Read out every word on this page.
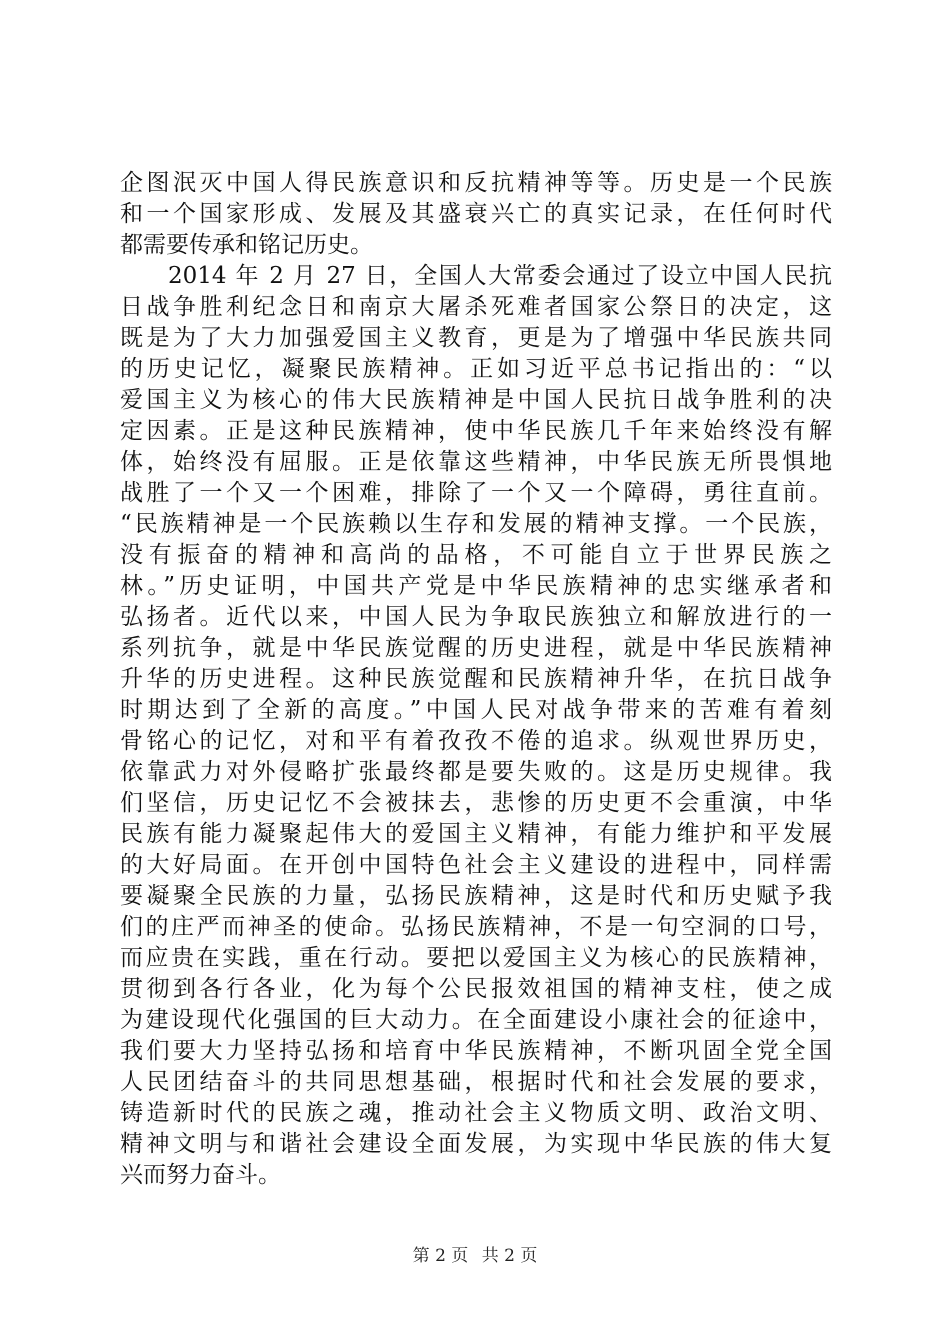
企图泯灭中国人得民族意识和反抗精神等等。历史是一个民族
和一个国家形成、发展及其盛衰兴亡的真实记录，在任何时代
都需要传承和铭记历史。
2014 年 2 月 27 日，全国人大常委会通过了设立中国人民抗
日战争胜利纪念日和南京大屠杀死难者国家公祭日的决定，这
既是为了大力加强爱国主义教育，更是为了增强中华民族共同
的历史记忆，凝聚民族精神。正如习近平总书记指出的：“以
爱国主义为核心的伟大民族精神是中国人民抗日战争胜利的决
定因素。正是这种民族精神，使中华民族几千年来始终没有解
体，始终没有屈服。正是依靠这些精神，中华民族无所畏惧地
战胜了一个又一个困难，排除了一个又一个障碍，勇往直前。
“民族精神是一个民族赖以生存和发展的精神支撑。一个民族，
没有振奋的精神和高尚的品格，不可能自立于世界民族之
林。”历史证明，中国共产党是中华民族精神的忠实继承者和
弘扬者。近代以来，中国人民为争取民族独立和解放进行的一
系列抗争，就是中华民族觉醒的历史进程，就是中华民族精神
升华的历史进程。这种民族觉醒和民族精神升华，在抗日战争
时期达到了全新的高度。”中国人民对战争带来的苦难有着刻
骨铭心的记忆，对和平有着孜孜不倦的追求。纵观世界历史，
依靠武力对外侵略扩张最终都是要失败的。这是历史规律。我
们坚信，历史记忆不会被抹去，悲惨的历史更不会重演，中华
民族有能力凝聚起伟大的爱国主义精神，有能力维护和平发展
的大好局面。在开创中国特色社会主义建设的进程中，同样需
要凝聚全民族的力量，弘扬民族精神，这是时代和历史赋予我
们的庄严而神圣的使命。弘扬民族精神，不是一句空洞的口号，
而应贵在实践，重在行动。要把以爱国主义为核心的民族精神，
贯彻到各行各业，化为每个公民报效祖国的精神支柱，使之成
为建设现代化强国的巨大动力。在全面建设小康社会的征途中，
我们要大力坚持弘扬和培育中华民族精神，不断巩固全党全国
人民团结奋斗的共同思想基础，根据时代和社会发展的要求，
铸造新时代的民族之魂，推动社会主义物质文明、政治文明、
精神文明与和谐社会建设全面发展，为实现中华民族的伟大复
兴而努力奋斗。
第 2 页 共 2 页
